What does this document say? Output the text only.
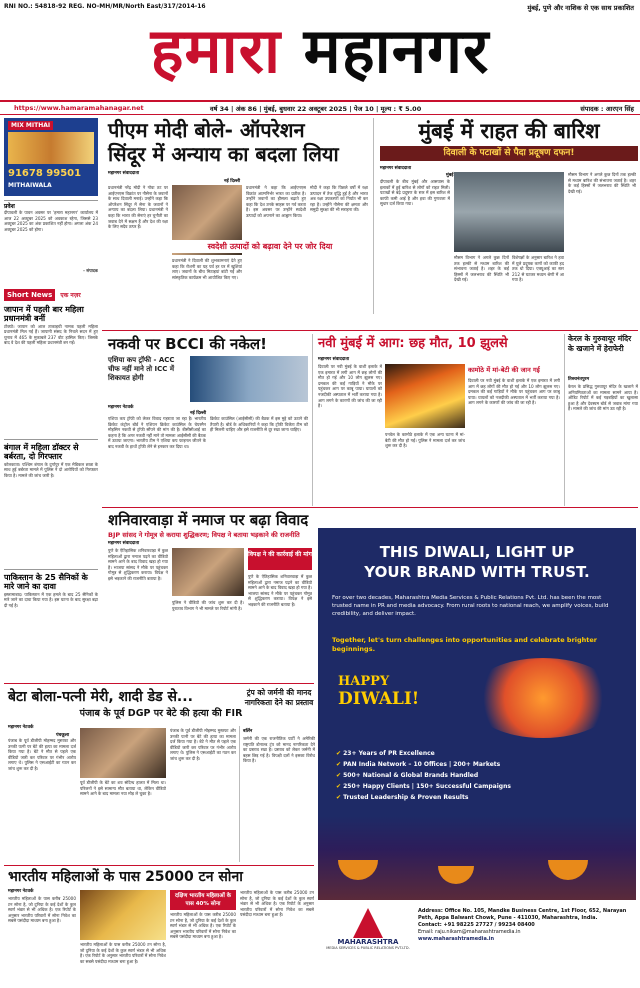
RNI NO.: 54818-92 REG. NO-MH/MR/North East/317/2014-16	मुंबई, पुणे और नाशिक से एक साथ प्रकाशित
हमारा महानगर
https://www.hamaramahanagar.net	वर्ष 34 | अंक 86 | मुंबई, बुधवार 22 अक्टूबर 2025 | पेज 10 | मूल्य : ₹ 5.00	संपादक : आरएन सिंह
MIX MITHAI
91678 99501
MITHAIWALA
प्रवेश
दीपावली के पावन अवसर पर 'हमारा महानगर' कार्यालय में आज 22 अक्टूबर 2025 को अवकाश रहेगा, जिससे 23 अक्टूबर 2025 का अंक प्रकाशित नहीं होगा। अगला अंक 24 अक्टूबर 2025 को होगा।
- संपादक
Short News एक नज़र
जापान में पहली बार महिला प्रधानमंत्री बनीं
टोक्यो। जापान को आज ताकाइची नामक पहली महिला प्रधानमंत्री मिल गई हैं। जापानी संसद के निचले सदन में हुए चुनाव में 465 के मुकाबले 237 वोट हासिल किए। जिसके बाद वे देश की पहली महिला प्रधानमंत्री बन गईं।
बंगाल में महिला डॉक्टर से बर्बरता, दो गिरफ्तार
कोलकाता। पश्चिम बंगाल के दुर्गापुर में एक मेडिकल छात्रा के साथ हुई बर्बरता मामले में पुलिस ने दो आरोपियों को गिरफ्तार किया है। मामले की जांच जारी है।
पाकिस्तान के 25 सैनिकों के मारे जाने का दावा
इस्लामाबाद। पाकिस्तान में एक हमले के बाद 25 सैनिकों के मारे जाने का दावा किया गया है। इस घटना के बाद सुरक्षा बढ़ा दी गई है।
पीएम मोदी बोले- ऑपरेशन
सिंदूर में अन्याय का बदला लिया
महानगर संवाददाता
नई दिल्ली
प्रधानमंत्री नरेंद्र मोदी ने गोवा तट पर आईएनएस विक्रांत पर नौसेना के जवानों के साथ दिवाली मनाई। उन्होंने कहा कि ऑपरेशन सिंदूर में सेना के जवानों ने अन्याय का बदला लिया। प्रधानमंत्री ने कहा कि भारत की सेनाएं हर चुनौती का जवाब देने में सक्षम हैं और देश की रक्षा के लिए सदैव तत्पर हैं।
प्रधानमंत्री ने दिवाली की शुभकामनाएं देते हुए कहा कि रोशनी का यह पर्व हर घर में खुशियां लाए। जवानों के बीच मिठाइयां बांटी गईं और सांस्कृतिक कार्यक्रम भी आयोजित किए गए।
प्रधानमंत्री ने कहा कि आईएनएस विक्रांत आत्मनिर्भर भारत का प्रतीक है। उन्होंने जवानों का हौसला बढ़ाते हुए कहा कि देश उनके साहस पर गर्व करता है। इस अवसर पर उन्होंने स्वदेशी उत्पादों को अपनाने का आह्वान किया।
मोदी ने कहा कि पिछले वर्षों में रक्षा उत्पादन में तेज वृद्धि हुई है और भारत अब रक्षा उपकरणों का निर्यात भी कर रहा है। उन्होंने नौसेना की क्षमता और समुद्री सुरक्षा की भी सराहना की।
स्वदेशी उत्पादों को बढ़ावा देने पर जोर दिया
मुंबई में राहत की बारिश
दिवाली के पटाखों से पैदा प्रदूषण दफन!
महानगर संवाददाता
मुंबई
दीपावली के बीच मुंबई और आसपास के इलाकों में हुई बारिश से लोगों को राहत मिली। पटाखों से बढ़े प्रदूषण के स्तर में इस बारिश से काफी कमी आई है और हवा की गुणवत्ता में सुधार दर्ज किया गया।
मौसम विभाग ने अगले कुछ दिनों तक हल्की से मध्यम बारिश की संभावना जताई है। शहर के कई हिस्सों में जलभराव की स्थिति भी देखी गई।
विशेषज्ञों के अनुसार बारिश ने हवा में घुले प्रदूषक कणों को काफी हद तक धो दिया। एक्यूआई का स्तर 212 से घटकर मध्यम श्रेणी में आ गया है।
मौसम विभाग ने अगले कुछ दिनों तक हल्की से मध्यम बारिश की संभावना जताई है। शहर के कई हिस्सों में जलभराव की स्थिति भी देखी गई।
नकवी पर BCCI की नकेल!
एशिया कप ट्रॉफी - ACC चीफ नहीं माने तो ICC में शिकायत होगी
महानगर नेटवर्क
नई दिल्ली
एशिया कप ट्रॉफी को लेकर विवाद गहराता जा रहा है। भारतीय क्रिकेट कंट्रोल बोर्ड ने एशियन क्रिकेट काउंसिल के चेयरमैन मोहसिन नकवी से ट्रॉफी सौंपने की मांग की है। बीसीसीआई का कहना है कि अगर नकवी नहीं माने तो मामला आईसीसी की बैठक में उठाया जाएगा। भारतीय टीम ने एशिया कप फाइनल जीतने के बाद नकवी के हाथों ट्रॉफी लेने से इनकार कर दिया था।
क्रिकेट काउंसिल (आईसीसी) की बैठक में इस मुद्दे को उठाने की तैयारी है। बोर्ड के अधिकारियों ने कहा कि ट्रॉफी विजेता टीम को ही मिलनी चाहिए और इसे राजनीति से दूर रखा जाना चाहिए।
नवी मुंबई में आग: छह मौत, 10 झुलसे
महानगर संवाददाता
दिवाली पर नवी मुंबई के वाशी इलाके में एक इमारत में लगी आग में छह लोगों की मौत हो गई और 10 लोग झुलस गए। दमकल की कई गाड़ियों ने मौके पर पहुंचकर आग पर काबू पाया। घायलों को नजदीकी अस्पताल में भर्ती कराया गया है। आग लगने के कारणों की जांच की जा रही है।
पनवेल के कामोठे इलाके में एक अन्य घटना में मां-बेटी की मौत हो गई। पुलिस ने मामला दर्ज कर जांच शुरू कर दी है।
कामोठे में मां-बेटी की जान गई
दिवाली पर नवी मुंबई के वाशी इलाके में एक इमारत में लगी आग में छह लोगों की मौत हो गई और 10 लोग झुलस गए। दमकल की कई गाड़ियों ने मौके पर पहुंचकर आग पर काबू पाया। घायलों को नजदीकी अस्पताल में भर्ती कराया गया है। आग लगने के कारणों की जांच की जा रही है।
केरल के गुरुवायूर मंदिर के खजाने में हेराफेरी
तिरुवनंतपुरम
केरल के प्रसिद्ध गुरुवायूर मंदिर के खजाने में अनियमितताओं का मामला सामने आया है। ऑडिट रिपोर्ट में कई गड़बड़ियों का खुलासा हुआ है और देवस्वम बोर्ड से जवाब मांगा गया है। मामले की जांच की मांग उठ रही है।
शनिवारवाड़ा में नमाज पर बढ़ा विवाद
BJP सांसद ने गोमूत्र से कराया शुद्धिकरण; विपक्ष ने बताया भड़काने की राजनीति
महानगर संवाददाता
पुणे के ऐतिहासिक शनिवारवाड़ा में कुछ महिलाओं द्वारा नमाज पढ़ने का वीडियो सामने आने के बाद विवाद खड़ा हो गया है। भाजपा सांसद ने मौके पर पहुंचकर गोमूत्र से शुद्धिकरण कराया। विपक्ष ने इसे भड़काने की राजनीति बताया है।
पुलिस ने वीडियो की जांच शुरू कर दी है। पुरातत्व विभाग ने भी मामले पर रिपोर्ट मांगी है।
विपक्ष ने की कार्रवाई की मांग
पुणे के ऐतिहासिक शनिवारवाड़ा में कुछ महिलाओं द्वारा नमाज पढ़ने का वीडियो सामने आने के बाद विवाद खड़ा हो गया है। भाजपा सांसद ने मौके पर पहुंचकर गोमूत्र से शुद्धिकरण कराया। विपक्ष ने इसे भड़काने की राजनीति बताया है।
बेटा बोला-पत्नी मेरी, शादी डेड से...
पंजाब के पूर्व DGP पर बेटे की हत्या की FIR
महानगर नेटवर्क
पंचकूला
पंजाब के पूर्व डीजीपी मोहम्मद मुस्तफा और उनकी पत्नी पर बेटे की हत्या का मामला दर्ज किया गया है। बेटे ने मौत से पहले एक वीडियो जारी कर परिवार पर गंभीर आरोप लगाए थे। पुलिस ने एसआईटी का गठन कर जांच शुरू कर दी है।
पूर्व डीजीपी के बेटे का शव संदिग्ध हालत में मिला था। परिजनों ने इसे सामान्य मौत बताया था, लेकिन वीडियो सामने आने के बाद मामला नया मोड़ ले चुका है।
पंजाब के पूर्व डीजीपी मोहम्मद मुस्तफा और उनकी पत्नी पर बेटे की हत्या का मामला दर्ज किया गया है। बेटे ने मौत से पहले एक वीडियो जारी कर परिवार पर गंभीर आरोप लगाए थे। पुलिस ने एसआईटी का गठन कर जांच शुरू कर दी है।
ट्रंप को जर्मनी की मानद नागरिकता देने का प्रस्ताव
बर्लिन
जर्मनी की एक राजनीतिक पार्टी ने अमेरिकी राष्ट्रपति डोनाल्ड ट्रंप को मानद नागरिकता देने का प्रस्ताव रखा है। प्रस्ताव को लेकर जर्मनी में बहस छिड़ गई है। विपक्षी दलों ने इसका विरोध किया है।
भारतीय महिलाओं के पास 25000 टन सोना
महानगर नेटवर्क
भारतीय महिलाओं के पास करीब 25000 टन सोना है, जो दुनिया के कई देशों के कुल स्वर्ण भंडार से भी अधिक है। एक रिपोर्ट के अनुसार भारतीय परिवारों में सोना निवेश का सबसे पसंदीदा माध्यम बना हुआ है।
भारतीय महिलाओं के पास करीब 25000 टन सोना है, जो दुनिया के कई देशों के कुल स्वर्ण भंडार से भी अधिक है। एक रिपोर्ट के अनुसार भारतीय परिवारों में सोना निवेश का सबसे पसंदीदा माध्यम बना हुआ है।
दक्षिण भारतीय महिलाओं के पास 40% सोना
भारतीय महिलाओं के पास करीब 25000 टन सोना है, जो दुनिया के कई देशों के कुल स्वर्ण भंडार से भी अधिक है। एक रिपोर्ट के अनुसार भारतीय परिवारों में सोना निवेश का सबसे पसंदीदा माध्यम बना हुआ है।
भारतीय महिलाओं के पास करीब 25000 टन सोना है, जो दुनिया के कई देशों के कुल स्वर्ण भंडार से भी अधिक है। एक रिपोर्ट के अनुसार भारतीय परिवारों में सोना निवेश का सबसे पसंदीदा माध्यम बना हुआ है।
THIS DIWALI, LIGHT UP
YOUR BRAND WITH TRUST.
For over two decades, Maharashtra Media Services & Public Relations Pvt. Ltd. has been the most trusted name in PR and media advocacy. From rural roots to national reach, we amplify voices, build credibility, and deliver impact.
Together, let's turn challenges into opportunities and celebrate brighter beginnings.
HAPPY
DIWALI!
✔ 23+ Years of PR Excellence
✔ PAN India Network – 10 Offices | 200+ Markets
✔ 500+ National & Global Brands Handled
✔ 250+ Happy Clients | 150+ Successful Campaigns
✔ Trusted Leadership & Proven Results
MAHARASHTRA
MEDIA SERVICES & PUBLIC RELATIONS PVT.LTD.
Address: Office No. 105, Mandke Business Centre, 1st Floor, 652, Narayan Peth, Appa Balwant Chowk, Pune - 411030, Maharashtra, India.
Contact: +91 98225 27727 / 99234 08400
Email: raju.nikam@maharashtramedia.in
www.maharashtramedia.in
